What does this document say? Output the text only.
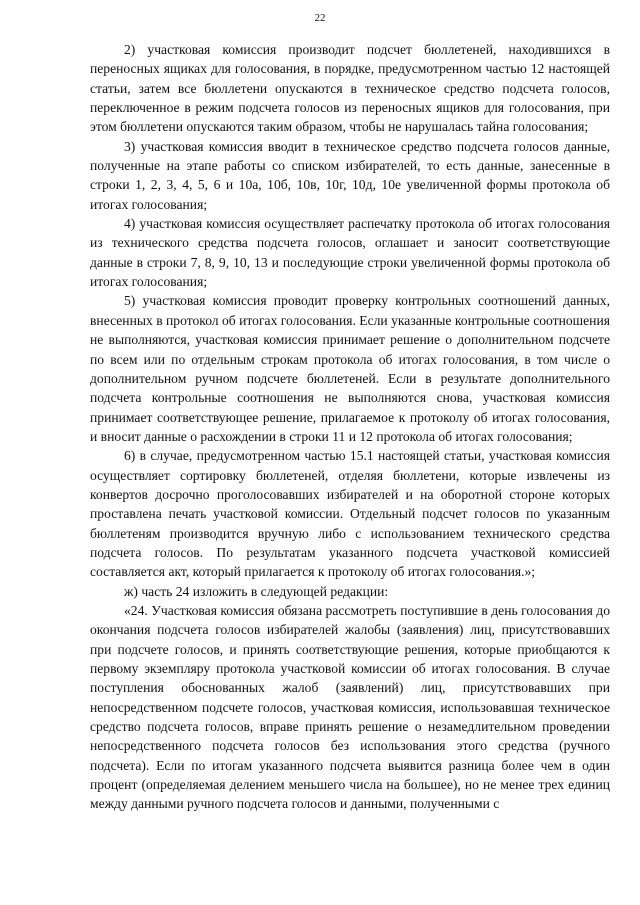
22

2) участковая комиссия производит подсчет бюллетеней, находившихся в переносных ящиках для голосования, в порядке, предусмотренном частью 12 настоящей статьи, затем все бюллетени опускаются в техническое средство подсчета голосов, переключенное в режим подсчета голосов из переносных ящиков для голосования, при этом бюллетени опускаются таким образом, чтобы не нарушалась тайна голосования;

3) участковая комиссия вводит в техническое средство подсчета голосов данные, полученные на этапе работы со списком избирателей, то есть данные, занесенные в строки 1, 2, 3, 4, 5, 6 и 10а, 10б, 10в, 10г, 10д, 10е увеличенной формы протокола об итогах голосования;

4) участковая комиссия осуществляет распечатку протокола об итогах голосования из технического средства подсчета голосов, оглашает и заносит соответствующие данные в строки 7, 8, 9, 10, 13 и последующие строки увеличенной формы протокола об итогах голосования;

5) участковая комиссия проводит проверку контрольных соотношений данных, внесенных в протокол об итогах голосования. Если указанные контрольные соотношения не выполняются, участковая комиссия принимает решение о дополнительном подсчете по всем или по отдельным строкам протокола об итогах голосования, в том числе о дополнительном ручном подсчете бюллетеней. Если в результате дополнительного подсчета контрольные соотношения не выполняются снова, участковая комиссия принимает соответствующее решение, прилагаемое к протоколу об итогах голосования, и вносит данные о расхождении в строки 11 и 12 протокола об итогах голосования;

6) в случае, предусмотренном частью 15.1 настоящей статьи, участковая комиссия осуществляет сортировку бюллетеней, отделяя бюллетени, которые извлечены из конвертов досрочно проголосовавших избирателей и на оборотной стороне которых проставлена печать участковой комиссии. Отдельный подсчет голосов по указанным бюллетеням производится вручную либо с использованием технического средства подсчета голосов. По результатам указанного подсчета участковой комиссией составляется акт, который прилагается к протоколу об итогах голосования.»;

ж) часть 24 изложить в следующей редакции:

«24. Участковая комиссия обязана рассмотреть поступившие в день голосования до окончания подсчета голосов избирателей жалобы (заявления) лиц, присутствовавших при подсчете голосов, и принять соответствующие решения, которые приобщаются к первому экземпляру протокола участковой комиссии об итогах голосования. В случае поступления обоснованных жалоб (заявлений) лиц, присутствовавших при непосредственном подсчете голосов, участковая комиссия, использовавшая техническое средство подсчета голосов, вправе принять решение о незамедлительном проведении непосредственного подсчета голосов без использования этого средства (ручного подсчета). Если по итогам указанного подсчета выявится разница более чем в один процент (определяемая делением меньшего числа на большее), но не менее трех единиц между данными ручного подсчета голосов и данными, полученными с
